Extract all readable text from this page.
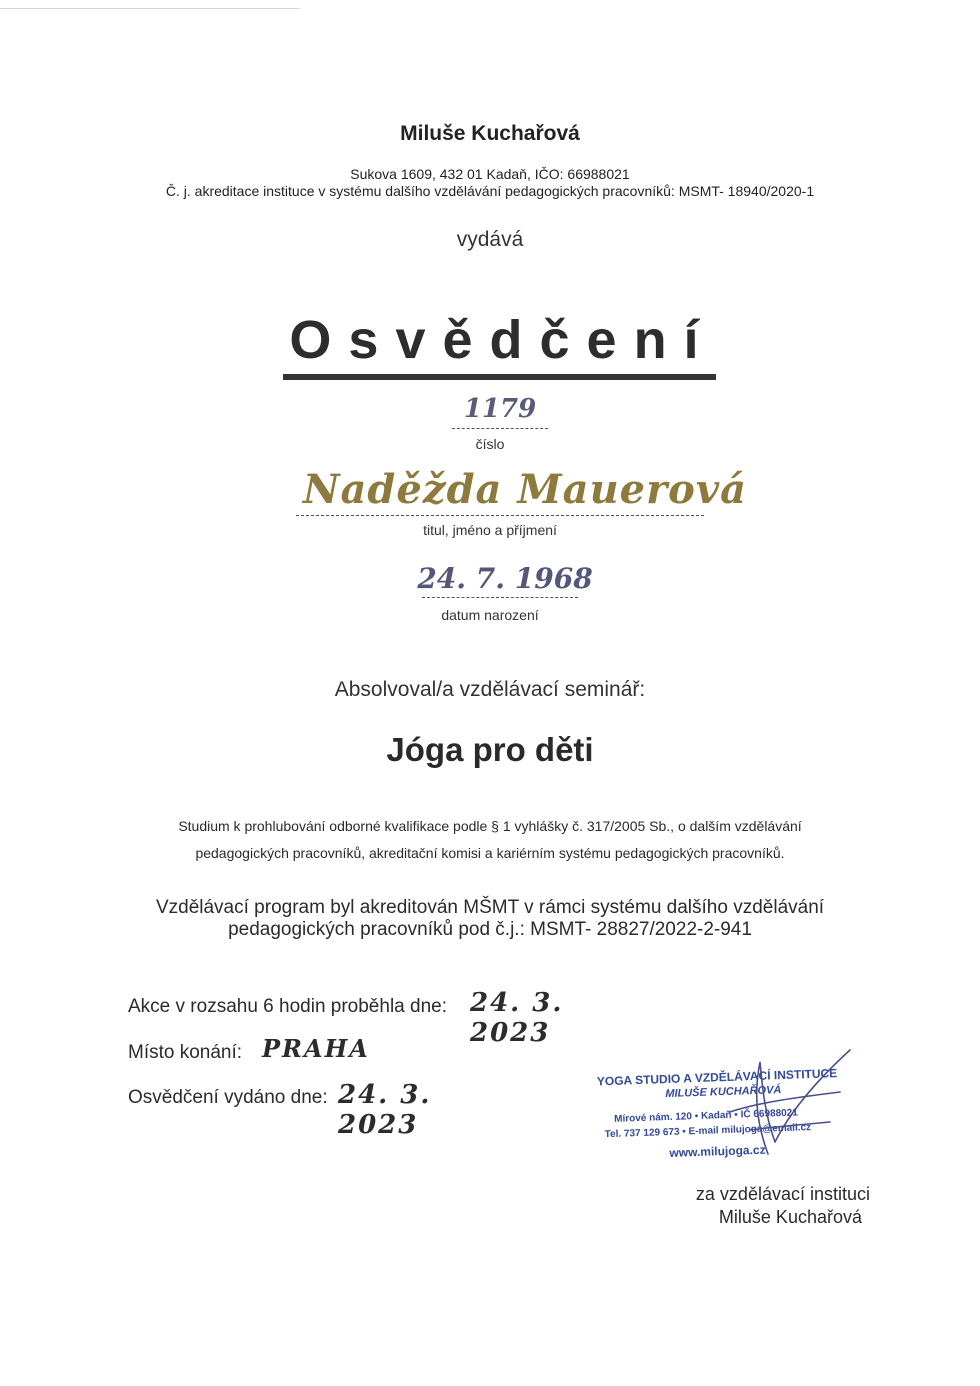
Miluše Kuchařová
Sukova 1609, 432 01 Kadaň, IČO: 66988021
Č. j. akreditace instituce v systému dalšího vzdělávání pedagogických pracovníků: MSMT- 18940/2020-1
vydává
Osvědčení
1179
číslo
Naděžda Mauerová
titul, jméno a příjmení
24. 7. 1968
datum narození
Absolvoval/a vzdělávací seminář:
Jóga pro děti
Studium k prohlubování odborné kvalifikace podle § 1 vyhlášky č. 317/2005 Sb., o dalším vzdělávání
pedagogických pracovníků, akreditační komisi a kariérním systému pedagogických pracovníků.
Vzdělávací program byl akreditován MŠMT v rámci systému dalšího vzdělávání
pedagogických pracovníků pod č.j.: MSMT- 28827/2022-2-941
Akce v rozsahu 6 hodin proběhla dne: 24. 3. 2023
Místo konání: PRAHA
Osvědčení vydáno dne: 24. 3. 2023
YOGA STUDIO A VZDĚLÁVACÍ INSTITUCE
MILUŠE KUCHAŘOVÁ
Mírové nám. 120 • Kadaň • IČ 66988021
Tel. 737 129 673 • E-mail milujoga@email.cz
www.milujoga.cz
za vzdělávací instituci
Miluše Kuchařová
